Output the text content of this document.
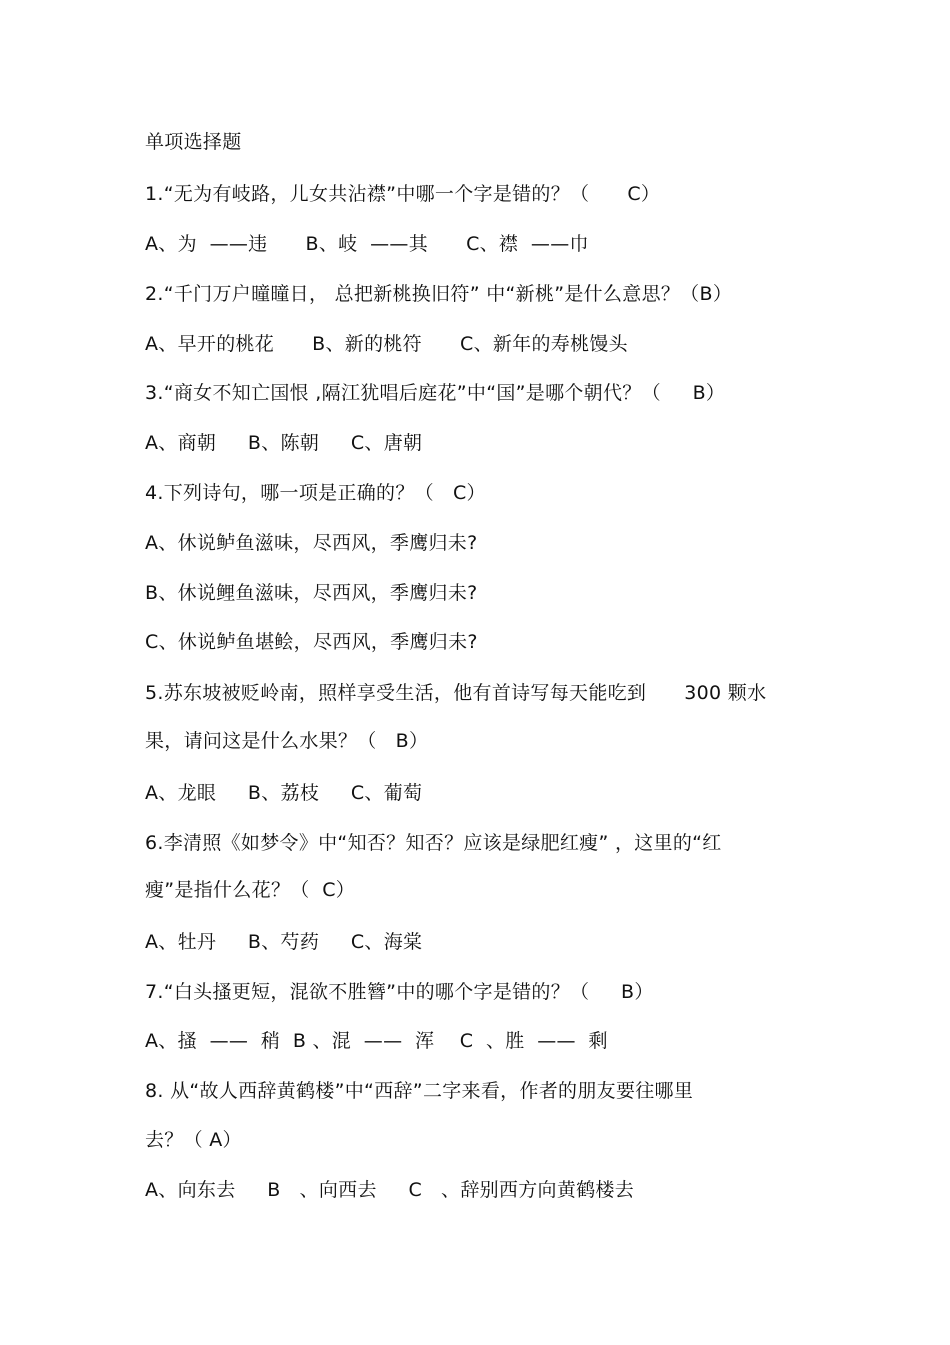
单项选择题
1.“无为有岐路，儿女共沾襟”中哪一个字是错的？（      C）
A、为  ——违      B、岐  ——其      C、襟  ——巾
2.“千门万户曈曈日， 总把新桃换旧符” 中“新桃”是什么意思？（B）
A、早开的桃花      B、新的桃符      C、新年的寿桃馒头
3.“商女不知亡国恨 ,隔江犹唱后庭花”中“国”是哪个朝代？（     B）
A、商朝     B、陈朝     C、唐朝
4.下列诗句，哪一项是正确的？（   C）
A、休说鲈鱼滋味，尽西风，季鹰归未?
B、休说鲤鱼滋味，尽西风，季鹰归未?
C、休说鲈鱼堪鲙，尽西风，季鹰归未?
5.苏东坡被贬岭南，照样享受生活，他有首诗写每天能吃到      300 颗水
果，请问这是什么水果？（   B）
A、龙眼     B、荔枝     C、葡萄
6.李清照《如梦令》中“知否？知否？应该是绿肥红瘦” ，这里的“红
瘦”是指什么花？（  C）
A、牡丹     B、芍药     C、海棠
7.“白头搔更短，混欲不胜簪”中的哪个字是错的？（     B）
A、搔  ——  稍  B 、混  ——  浑    C  、胜  ——  剩
8. 从“故人西辞黄鹤楼”中“西辞”二字来看，作者的朋友要往哪里
去？（ A）
A、向东去     B   、向西去     C   、辞别西方向黄鹤楼去
